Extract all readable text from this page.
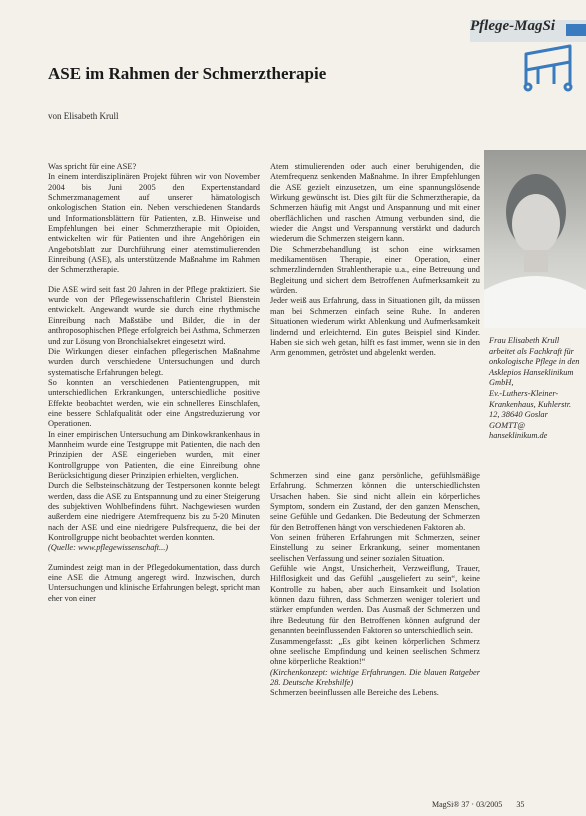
Pflege-MagSi
ASE im Rahmen der Schmerztherapie
von Elisabeth Krull

Was spricht für eine ASE?

In einem interdisziplinären Projekt führen wir von November 2004 bis Juni 2005 den Expertenstandard Schmerzmanagement auf unserer hämatologisch onkologischen Station ein. Neben verschiedenen Standards und Informationsblättern für Patienten, z.B. Hinweise und Empfehlungen bei einer Schmerztherapie mit Opioiden, entwickelten wir für Patienten und ihre Angehörigen ein Angebotsblatt zur Durchführung einer atemstimulierenden Einreibung (ASE), als unterstützende Maßnahme im Rahmen der Schmerztherapie.

Die ASE wird seit fast 20 Jahren in der Pflege praktiziert. Sie wurde von der Pflegewissenschaftlerin Christel Bienstein entwickelt. Angewandt wurde sie durch eine rhythmische Einreibung nach Maßstäbe und Bilder, die in der anthroposophischen Pflege erfolgreich bei Asthma, Schmerzen und zur Lösung von Bronchialsekret eingesetzt wird.

Die Wirkungen dieser einfachen pflegerischen Maßnahme wurden durch verschiedene Untersuchungen und durch systematische Erfahrungen belegt.

So konnten an verschiedenen Patientengruppen, mit unterschiedlichen Erkrankungen, unterschiedliche positive Effekte beobachtet werden, wie ein schnelleres Einschlafen, eine bessere Schlafqualität oder eine Angstreduzierung vor Operationen.

In einer empirischen Untersuchung am Dinkowkrankenhaus in Mannheim wurde eine Testgruppe mit Patienten, die nach den Prinzipien der ASE eingerieben wurden, mit einer Kontrollgruppe von Patienten, die eine Einreibung ohne Berücksichtigung dieser Prinzipien erhielten, verglichen.

Durch die Selbsteinschätzung der Testpersonen konnte belegt werden, dass die ASE zu Entspannung und zu einer Steigerung des subjektiven Wohlbefindens führt. Nachgewiesen wurden außerdem eine niedrigere Atemfrequenz bis zu 5-20 Minuten nach der ASE und eine niedrigere Pulsfrequenz, die bei der Kontrollgruppe nicht beobachtet werden konnten.

(Quelle: www.pflegewissenschaft...)

Zumindest zeigt man in der Pflegedokumentation, dass durch eine ASE die Atmung angeregt wird. Inzwischen, durch Untersuchungen und klinische Erfahrungen belegt, spricht man eher von einer

Atem stimulierenden oder auch einer beruhigenden, die Atemfrequenz senkenden Maßnahme. In ihrer Empfehlungen die ASE gezielt einzusetzen, um eine spannungslösende Wirkung gewünscht ist. Dies gilt für die Schmerztherapie, da Schmerzen häufig mit Angst und Anspannung und mit einer oberflächlichen und raschen Atmung verbunden sind, die wieder die Angst und Verspannung verstärkt und dadurch wiederum die Schmerzen steigern kann.

Die Schmerzbehandlung ist schon eine wirksamen medikamentösen Therapie, einer Operation, einer schmerzlindernden Strahlentherapie u.a., eine Betreuung und Begleitung und sichert dem Betroffenen Aufmerksamkeit zu würden.

Jeder weiß aus Erfahrung, dass in Situationen gilt, da müssen man bei Schmerzen einfach seine Ruhe. In anderen Situationen wiederum wirkt Ablenkung und Aufmerksamkeit lindernd und erleichternd. Ein gutes Beispiel sind Kinder. Haben sie sich weh getan, hilft es fast immer, wenn sie in den Arm genommen, getröstet und abgelenkt werden.

Schmerzen sind eine ganz persönliche, gefühlsmäßige Erfahrung. Schmerzen können die unterschiedlichsten Ursachen haben. Sie sind nicht allein ein körperliches Symptom, sondern ein Zustand, der den ganzen Menschen, seine Gefühle und Gedanken. Die Bedeutung der Schmerzen für den Betroffenen hängt von verschiedenen Faktoren ab.

Von seinen früheren Erfahrungen mit Schmerzen, seiner Einstellung zu seiner Erkrankung, seiner momentanen seelischen Verfassung und seiner sozialen Situation.

Gefühle wie Angst, Unsicherheit, Verzweiflung, Trauer, Hilflosigkeit und das Gefühl „ausgeliefert zu sein“, keine Kontrolle zu haben, aber auch Einsamkeit und Isolation können dazu führen, dass Schmerzen weniger toleriert und stärker empfunden werden. Das Ausmaß der Schmerzen und ihre Bedeutung für den Betroffenen können aufgrund der genannten beeinflussenden Faktoren so unterschiedlich sein.

Zusammengefasst: „Es gibt keinen körperlichen Schmerz ohne seelische Empfindung und keinen seelischen Schmerz ohne körperliche Reaktion!“

(Kirchenkonzept: wichtige Erfahrungen. Die blauen Ratgeber 28. Deutsche Krebshilfe)

Schmerzen beeinflussen alle Bereiche des Lebens.

Frau Elisabeth Krull arbeitet als Fachkraft für onkologische Pflege in den Asklepios Hanseklinikum GmbH,

Ev.-Luthers-Kleiner-Krankenhaus, Kuhlerstr. 12, 38640 Goslar

GOMTT@ hanseklinikum.de

MagSi® 37 · 03/2005 35
